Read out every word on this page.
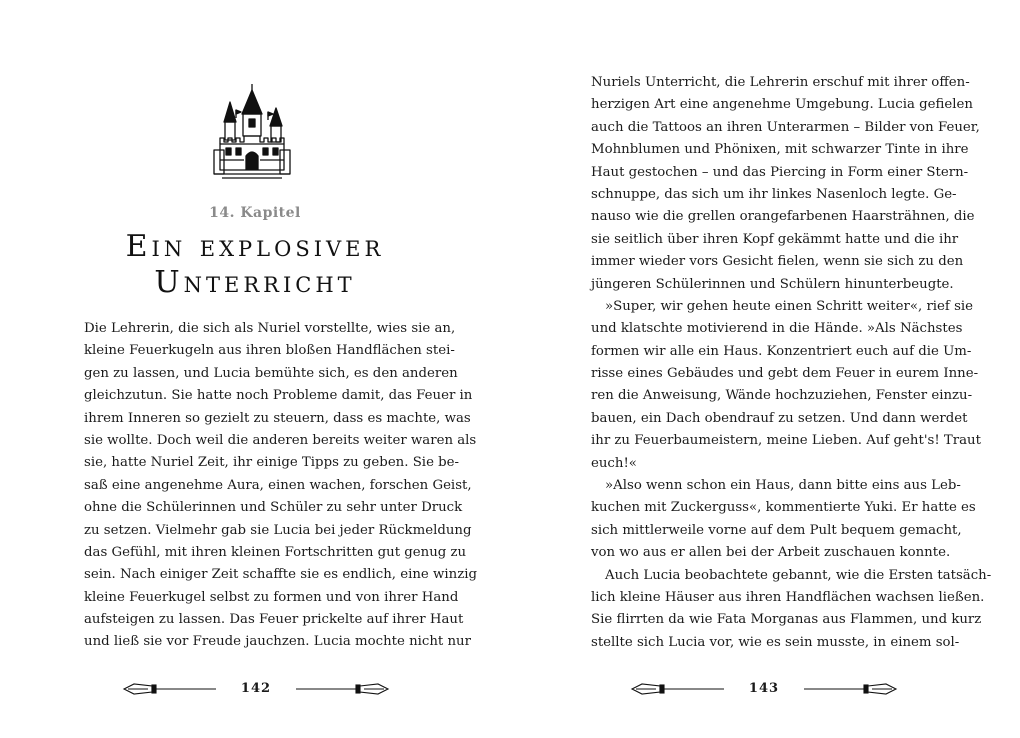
14. Kapitel
Ein explosiver
Unterricht
Die Lehrerin, die sich als Nuriel vorstellte, wies sie an,
kleine Feuerkugeln aus ihren bloßen Handflächen stei-
gen zu lassen, und Lucia bemühte sich, es den anderen
gleichzutun. Sie hatte noch Probleme damit, das Feuer in
ihrem Inneren so gezielt zu steuern, dass es machte, was
sie wollte. Doch weil die anderen bereits weiter waren als
sie, hatte Nuriel Zeit, ihr einige Tipps zu geben. Sie be-
saß eine angenehme Aura, einen wachen, forschen Geist,
ohne die Schülerinnen und Schüler zu sehr unter Druck
zu setzen. Vielmehr gab sie Lucia bei jeder Rückmeldung
das Gefühl, mit ihren kleinen Fortschritten gut genug zu
sein. Nach einiger Zeit schaffte sie es endlich, eine winzig
kleine Feuerkugel selbst zu formen und von ihrer Hand
aufsteigen zu lassen. Das Feuer prickelte auf ihrer Haut
und ließ sie vor Freude jauchzen. Lucia mochte nicht nur
142
Nuriels Unterricht, die Lehrerin erschuf mit ihrer offen-
herzigen Art eine angenehme Umgebung. Lucia gefielen
auch die Tattoos an ihren Unterarmen – Bilder von Feuer,
Mohnblumen und Phönixen, mit schwarzer Tinte in ihre
Haut gestochen – und das Piercing in Form einer Stern-
schnuppe, das sich um ihr linkes Nasenloch legte. Ge-
nauso wie die grellen orangefarbenen Haarsträhnen, die
sie seitlich über ihren Kopf gekämmt hatte und die ihr
immer wieder vors Gesicht fielen, wenn sie sich zu den
jüngeren Schülerinnen und Schülern hinunterbeugte.
»Super, wir gehen heute einen Schritt weiter«, rief sie
und klatschte motivierend in die Hände. »Als Nächstes
formen wir alle ein Haus. Konzentriert euch auf die Um-
risse eines Gebäudes und gebt dem Feuer in eurem Inne-
ren die Anweisung, Wände hochzuziehen, Fenster einzu-
bauen, ein Dach obendrauf zu setzen. Und dann werdet
ihr zu Feuerbaumeistern, meine Lieben. Auf geht's! Traut
euch!«
»Also wenn schon ein Haus, dann bitte eins aus Leb-
kuchen mit Zuckerguss«, kommentierte Yuki. Er hatte es
sich mittlerweile vorne auf dem Pult bequem gemacht,
von wo aus er allen bei der Arbeit zuschauen konnte.
Auch Lucia beobachtete gebannt, wie die Ersten tatsäch-
lich kleine Häuser aus ihren Handflächen wachsen ließen.
Sie flirrten da wie Fata Morganas aus Flammen, und kurz
stellte sich Lucia vor, wie es sein musste, in einem sol-
143
